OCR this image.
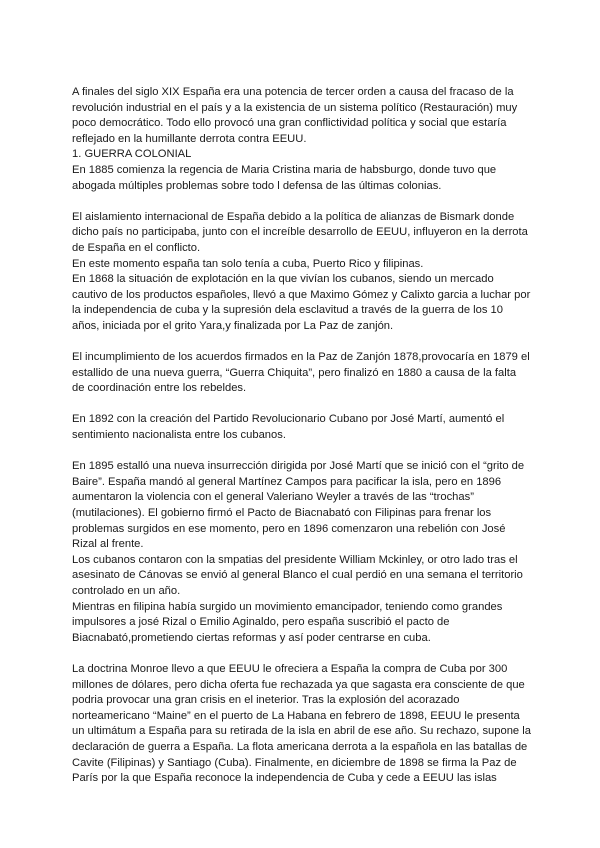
A finales del siglo XIX España era una potencia de tercer orden a causa del fracaso de la
revolución industrial en el país y a la existencia de un sistema político (Restauración) muy
poco democrático. Todo ello provocó una gran conflictividad política y social que estaría
reflejado en la humillante derrota contra EEUU.
1. GUERRA COLONIAL
En 1885 comienza la regencia de Maria Cristina maria de habsburgo, donde tuvo que
abogada múltiples problemas sobre todo l defensa de las últimas colonias.
El aislamiento internacional de España debido a la política de alianzas de Bismark donde
dicho país no participaba, junto con el increíble desarrollo de EEUU, influyeron en la derrota
de España en el conflicto.
En este momento españa tan solo tenía a cuba, Puerto Rico y filipinas.
En 1868 la situación de explotación en la que vivían los cubanos, siendo un mercado
cautivo de los productos españoles, llevó a que Maximo Gómez y Calixto garcia a luchar por
la independencia de cuba y la supresión dela esclavitud a través de la guerra de los 10
años, iniciada por el grito Yara,y finalizada por La Paz de zanjón.
El incumplimiento de los acuerdos firmados en la Paz de Zanjón 1878,provocaría en 1879 el
estallido de una nueva guerra, “Guerra Chiquita”, pero finalizó en 1880 a causa de la falta
de coordinación entre los rebeldes.
En 1892 con la creación del Partido Revolucionario Cubano por José Martí, aumentó el
sentimiento nacionalista entre los cubanos.
En 1895 estalló una nueva insurrección dirigida por José Martí que se inició con el “grito de
Baire”. España mandó al general Martínez Campos para pacificar la isla, pero en 1896
aumentaron la violencia con el general Valeriano Weyler a través de las “trochas”
(mutilaciones). El gobierno firmó el Pacto de Biacnabató con Filipinas para frenar los
problemas surgidos en ese momento, pero en 1896 comenzaron una rebelión con José
Rizal al frente.
Los cubanos contaron con la smpatias del presidente William Mckinley, or otro lado tras el
asesinato de Cánovas se envió al general Blanco el cual perdió en una semana el territorio
controlado en un año.
Mientras en filipina había surgido un movimiento emancipador, teniendo como grandes
impulsores a josé Rizal o Emilio Aginaldo, pero españa suscribió el pacto de
Biacnabató,prometiendo ciertas reformas y así poder centrarse en cuba.
La doctrina Monroe llevo a que EEUU le ofreciera a España la compra de Cuba por 300
millones de dólares, pero dicha oferta fue rechazada ya que sagasta era consciente de que
podria provocar una gran crisis en el ineterior. Tras la explosión del acorazado
norteamericano “Maine” en el puerto de La Habana en febrero de 1898, EEUU le presenta
un ultimátum a España para su retirada de la isla en abril de ese año. Su rechazo, supone la
declaración de guerra a España. La flota americana derrota a la española en las batallas de
Cavite (Filipinas) y Santiago (Cuba). Finalmente, en diciembre de 1898 se firma la Paz de
París por la que España reconoce la independencia de Cuba y cede a EEUU las islas
